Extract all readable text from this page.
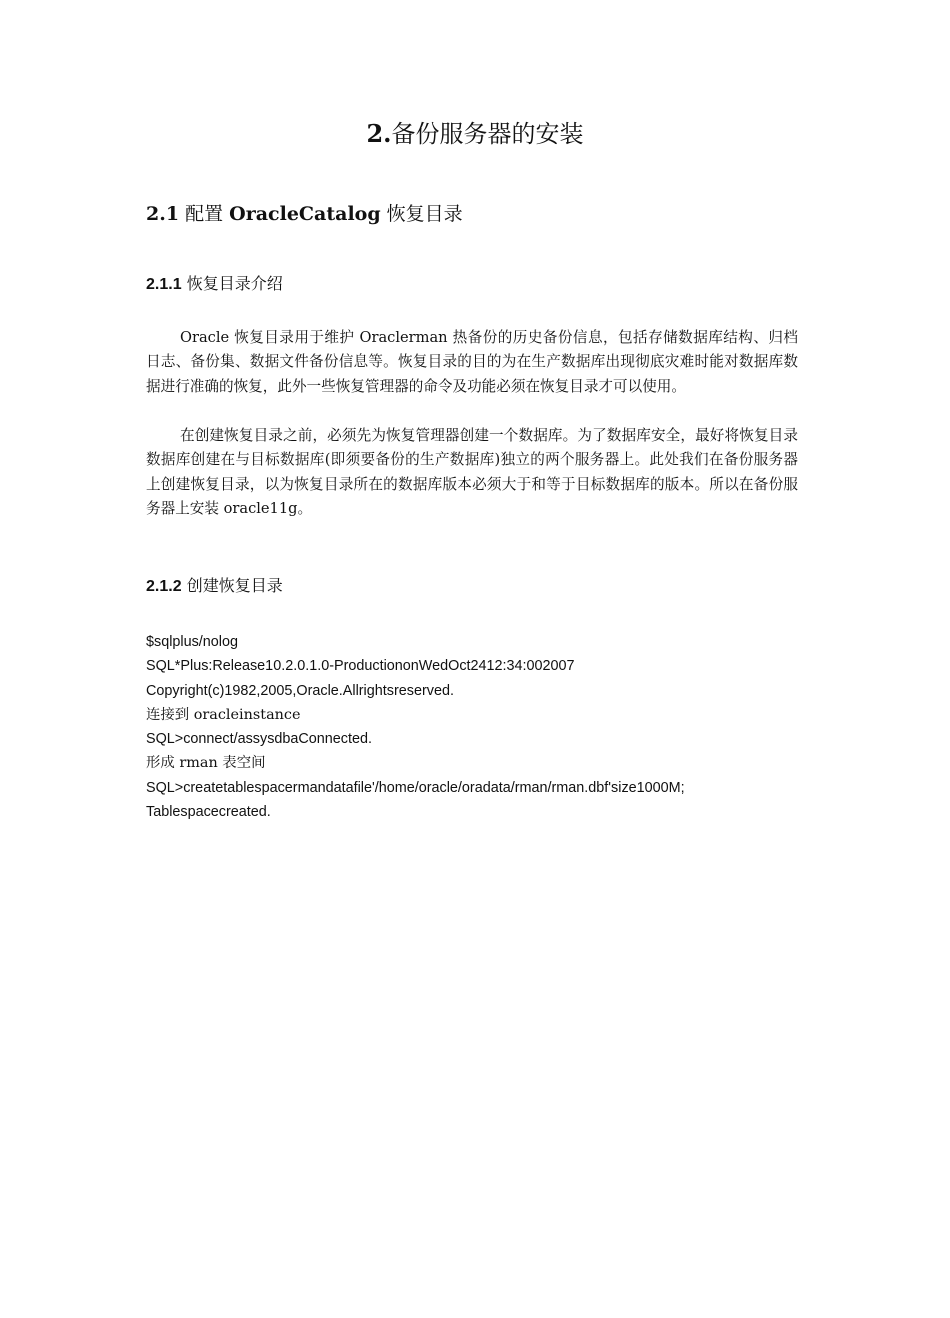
2.备份服务器的安装
2.1 配置 OracleCatalog 恢复目录
2.1.1 恢复目录介绍

Oracle 恢复目录用于维护 Oraclerman 热备份的历史备份信息，包括存储数据库结构、归档日志、备份集、数据文件备份信息等。恢复目录的目的为在生产数据库出现彻底灾难时能对数据库数据进行准确的恢复，此外一些恢复管理器的命令及功能必须在恢复目录才可以使用。

在创建恢复目录之前，必须先为恢复管理器创建一个数据库。为了数据库安全，最好将恢复目录数据库创建在与目标数据库(即须要备份的生产数据库)独立的两个服务器上。此处我们在备份服务器上创建恢复目录，以为恢复目录所在的数据库版本必须大于和等于目标数据库的版本。所以在备份服务器上安装 oracle11g。

2.1.2 创建恢复目录
$sqlplus/nolog
SQL*Plus:Release10.2.0.1.0-ProductiononWedOct2412:34:002007
Copyright(c)1982,2005,Oracle.Allrightsreserved.
连接到 oracleinstance
SQL>connect/assysdbaConnected.
形成 rman 表空间
SQL>createtablespacermandatafile'/home/oracle/oradata/rman/rman.dbf'size1000M;
Tablespacecreated.
